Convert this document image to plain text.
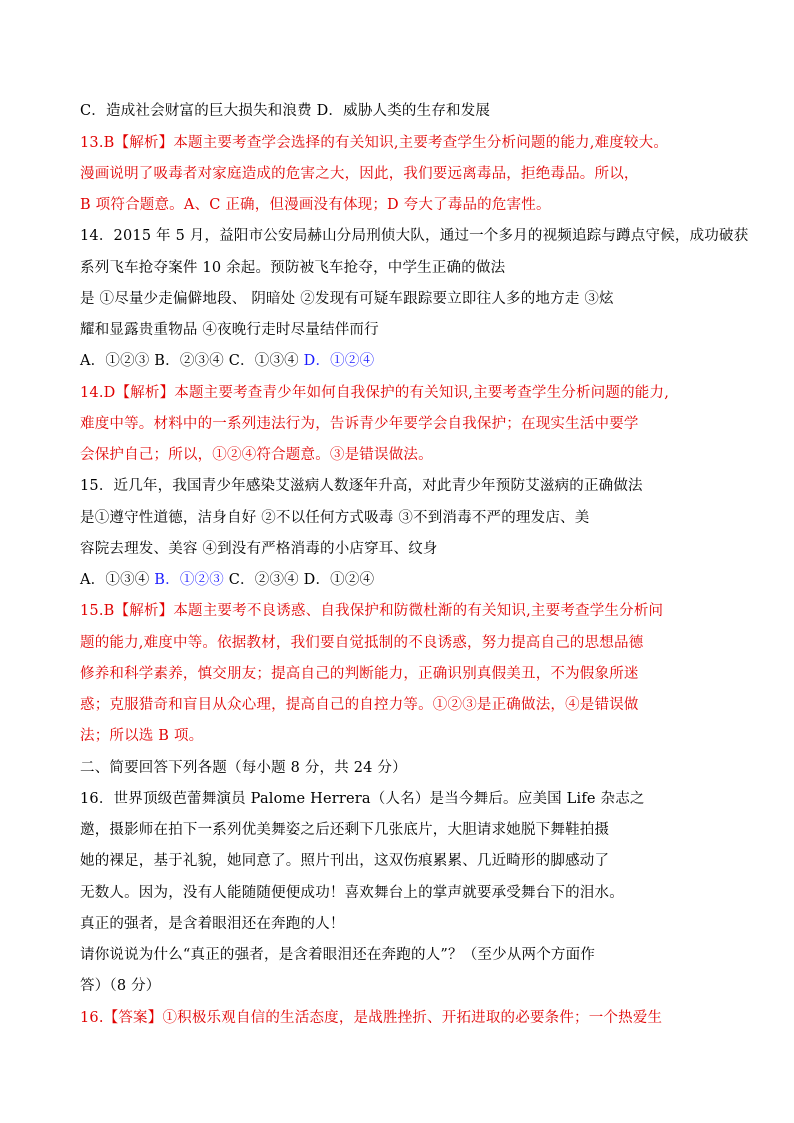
C．造成社会财富的巨大损失和浪费 D．威胁人类的生存和发展
13.B【解析】本题主要考查学会选择的有关知识,主要考查学生分析问题的能力,难度较大。
漫画说明了吸毒者对家庭造成的危害之大，因此，我们要远离毒品，拒绝毒品。所以，
B 项符合题意。A、C 正确，但漫画没有体现；D 夸大了毒品的危害性。
14．2015 年 5 月，益阳市公安局赫山分局刑侦大队，通过一个多月的视频追踪与蹲点守候，成功破获
系列飞车抢夺案件 10 余起。预防被飞车抢夺，中学生正确的做法
是 ①尽量少走偏僻地段、 阴暗处 ②发现有可疑车跟踪要立即往人多的地方走 ③炫
耀和显露贵重物品 ④夜晚行走时尽量结伴而行
A．①②③ B．②③④ C．①③④ D．①②④
14.D【解析】本题主要考查青少年如何自我保护的有关知识,主要考查学生分析问题的能力,
难度中等。材料中的一系列违法行为，告诉青少年要学会自我保护；在现实生活中要学
会保护自己；所以，①②④符合题意。③是错误做法。
15．近几年，我国青少年感染艾滋病人数逐年升高，对此青少年预防艾滋病的正确做法
是①遵守性道德，洁身自好 ②不以任何方式吸毒 ③不到消毒不严的理发店、美
容院去理发、美容 ④到没有严格消毒的小店穿耳、纹身
A．①③④ B．①②③ C．②③④ D．①②④
15.B【解析】本题主要考不良诱惑、自我保护和防微杜渐的有关知识,主要考查学生分析问
题的能力,难度中等。依据教材，我们要自觉抵制的不良诱惑，努力提高自己的思想品德
修养和科学素养，慎交朋友；提高自己的判断能力，正确识别真假美丑，不为假象所迷
惑；克服猎奇和盲目从众心理，提高自己的自控力等。①②③是正确做法，④是错误做
法；所以选 B 项。
二、简要回答下列各题（每小题 8 分，共 24 分）
16．世界顶级芭蕾舞演员 Palome Herrera（人名）是当今舞后。应美国 Life 杂志之
邀，摄影师在拍下一系列优美舞姿之后还剩下几张底片，大胆请求她脱下舞鞋拍摄
她的裸足，基于礼貌，她同意了。照片刊出，这双伤痕累累、几近畸形的脚感动了
无数人。因为，没有人能随随便便成功！喜欢舞台上的掌声就要承受舞台下的泪水。
真正的强者，是含着眼泪还在奔跑的人！
请你说说为什么“真正的强者，是含着眼泪还在奔跑的人”？（至少从两个方面作
答）（8 分）
16.【答案】①积极乐观自信的生活态度，是战胜挫折、开拓进取的必要条件；一个热爱生
